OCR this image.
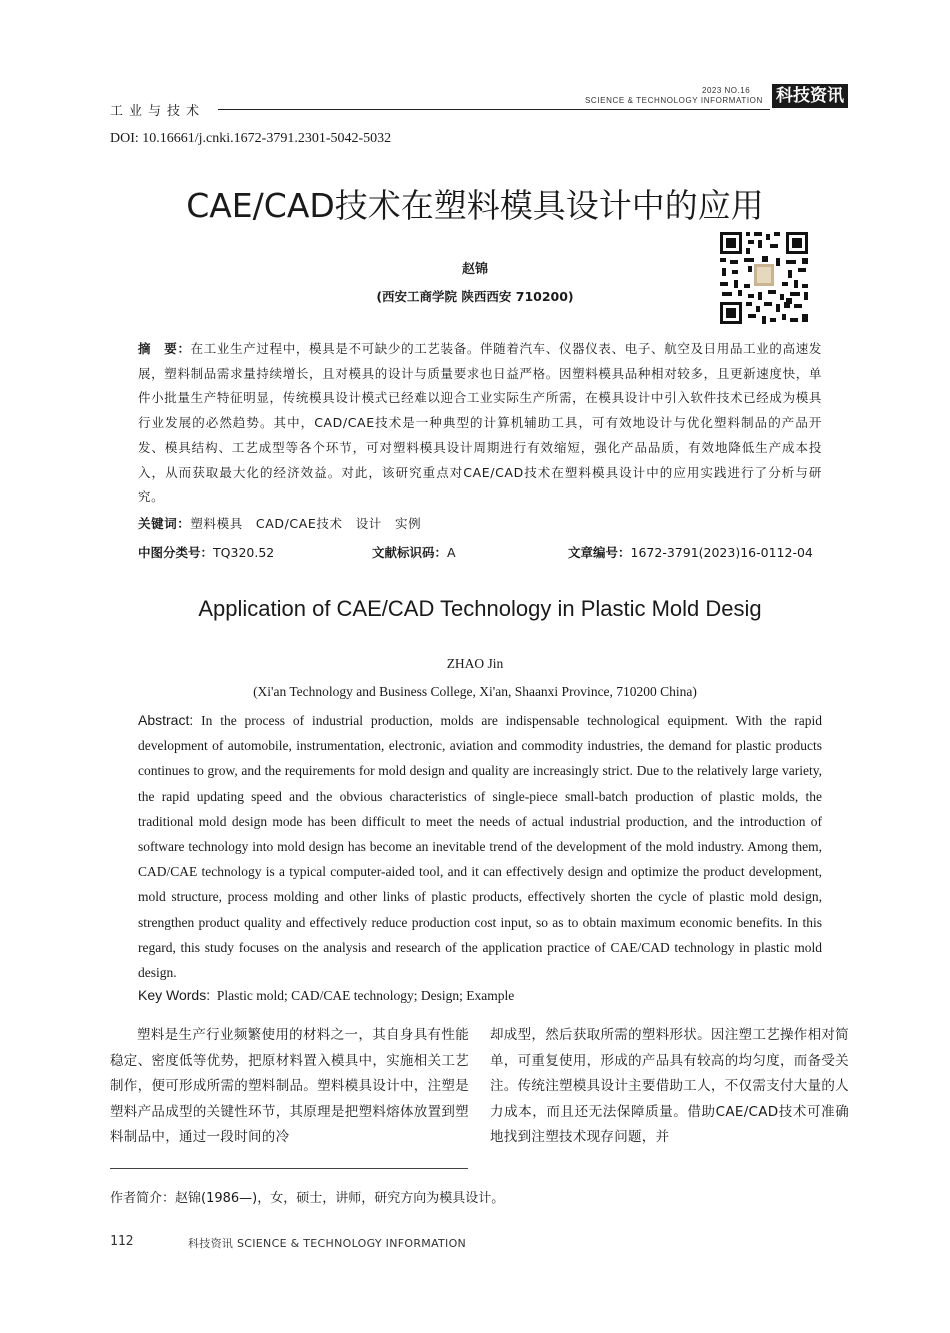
工业与技术
2023 NO.16
SCIENCE & TECHNOLOGY INFORMATION 科技资讯
DOI: 10.16661/j.cnki.1672-3791.2301-5042-5032
CAE/CAD技术在塑料模具设计中的应用
赵锦
(西安工商学院 陕西西安 710200)
摘　要：在工业生产过程中，模具是不可缺少的工艺装备。伴随着汽车、仪器仪表、电子、航空及日用品工业的高速发展，塑料制品需求量持续增长，且对模具的设计与质量要求也日益严格。因塑料模具品种相对较多，且更新速度快，单件小批量生产特征明显，传统模具设计模式已经难以迎合工业实际生产所需，在模具设计中引入软件技术已经成为模具行业发展的必然趋势。其中，CAD/CAE技术是一种典型的计算机辅助工具，可有效地设计与优化塑料制品的产品开发、模具结构、工艺成型等各个环节，可对塑料模具设计周期进行有效缩短，强化产品品质，有效地降低生产成本投入，从而获取最大化的经济效益。对此，该研究重点对CAE/CAD技术在塑料模具设计中的应用实践进行了分析与研究。
关键词：塑料模具　CAD/CAE技术　设计　实例
中图分类号：TQ320.52	文献标识码：A	文章编号：1672-3791(2023)16-0112-04
Application of CAE/CAD Technology in Plastic Mold Desig
ZHAO Jin
(Xi'an Technology and Business College, Xi'an, Shaanxi Province, 710200 China)
Abstract: In the process of industrial production, molds are indispensable technological equipment. With the rapid development of automobile, instrumentation, electronic, aviation and commodity industries, the demand for plastic products continues to grow, and the requirements for mold design and quality are increasingly strict. Due to the relatively large variety, the rapid updating speed and the obvious characteristics of single-piece small-batch production of plastic molds, the traditional mold design mode has been difficult to meet the needs of actual industrial production, and the introduction of software technology into mold design has become an inevitable trend of the development of the mold industry. Among them, CAD/CAE technology is a typical computer-aided tool, and it can effectively design and optimize the product development, mold structure, process molding and other links of plastic products, effectively shorten the cycle of plastic mold design, strengthen product quality and effectively reduce production cost input, so as to obtain maximum economic benefits. In this regard, this study focuses on the analysis and research of the application practice of CAE/CAD technology in plastic mold design.
Key Words: Plastic mold; CAD/CAE technology; Design; Example
塑料是生产行业频繁使用的材料之一，其自身具有性能稳定、密度低等优势，把原材料置入模具中，实施相关工艺制作，便可形成所需的塑料制品。塑料模具设计中，注塑是塑料产品成型的关键性环节，其原理是把塑料熔体放置到塑料制品中，通过一段时间的冷
却成型，然后获取所需的塑料形状。因注塑工艺操作相对简单，可重复使用，形成的产品具有较高的均匀度，而备受关注。传统注塑模具设计主要借助工人，不仅需支付大量的人力成本，而且还无法保障质量。借助CAE/CAD技术可准确地找到注塑技术现存问题，并
作者简介：赵锦(1986—)，女，硕士，讲师，研究方向为模具设计。
112	科技资讯 SCIENCE & TECHNOLOGY INFORMATION
